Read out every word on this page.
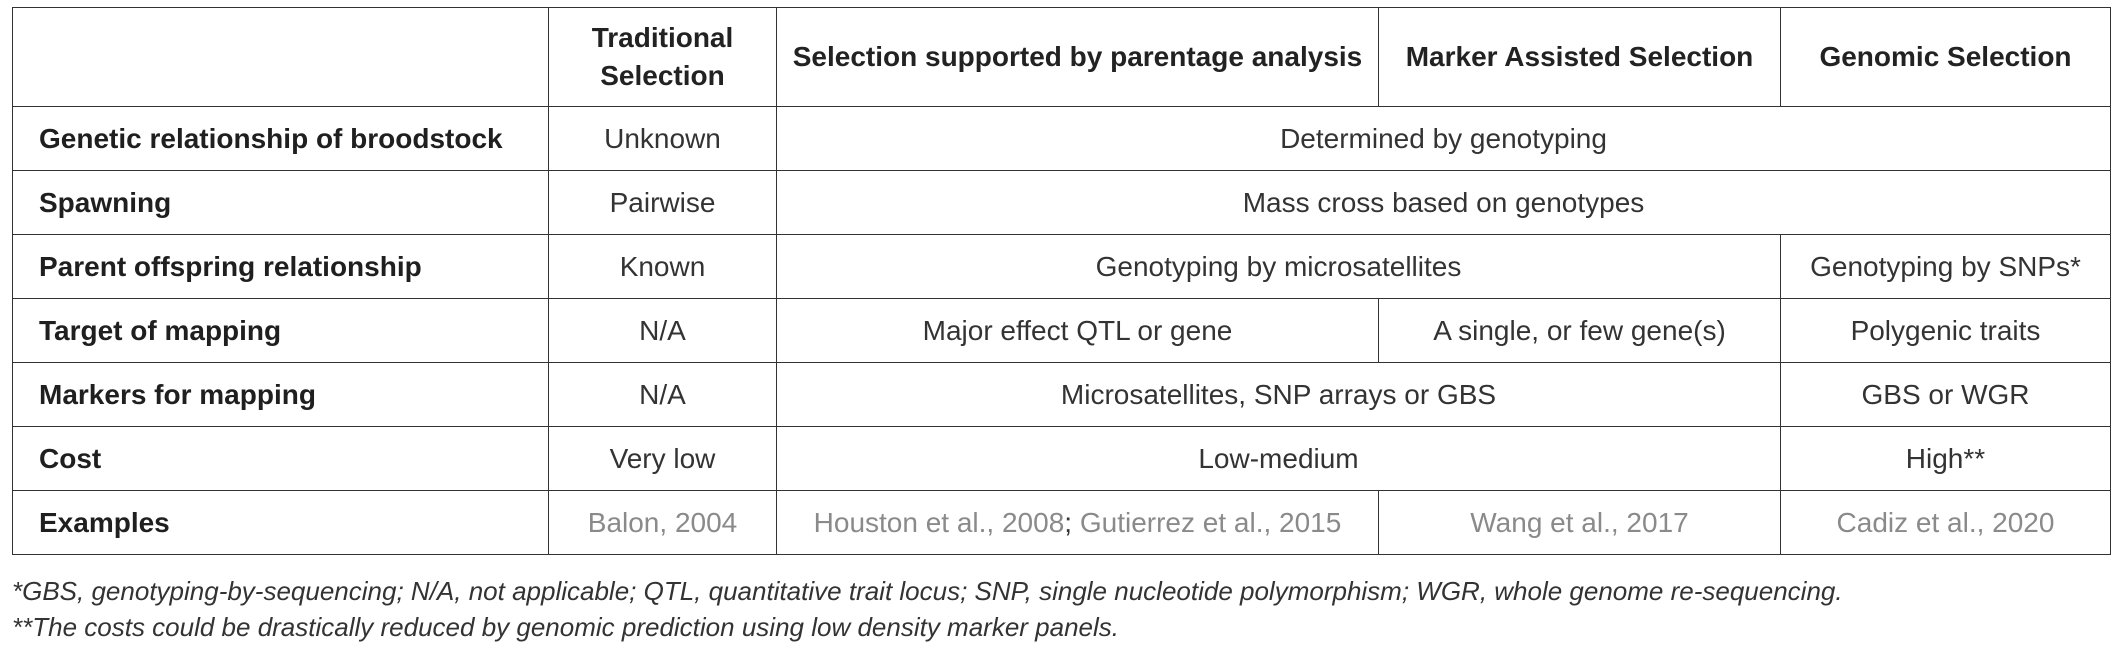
	Traditional Selection	Selection supported by parentage analysis	Marker Assisted Selection	Genomic Selection
Genetic relationship of broodstock	Unknown	Determined by genotyping		
Spawning	Pairwise	Mass cross based on genotypes		
Parent offspring relationship	Known	Genotyping by microsatellites		Genotyping by SNPs*
Target of mapping	N/A	Major effect QTL or gene	A single, or few gene(s)	Polygenic traits
Markers for mapping	N/A	Microsatellites, SNP arrays or GBS		GBS or WGR
Cost	Very low	Low-medium		High**
Examples	Balon, 2004	Houston et al., 2008; Gutierrez et al., 2015	Wang et al., 2017	Cadiz et al., 2020

*GBS, genotyping-by-sequencing; N/A, not applicable; QTL, quantitative trait locus; SNP, single nucleotide polymorphism; WGR, whole genome re-sequencing.

**The costs could be drastically reduced by genomic prediction using low density marker panels.
